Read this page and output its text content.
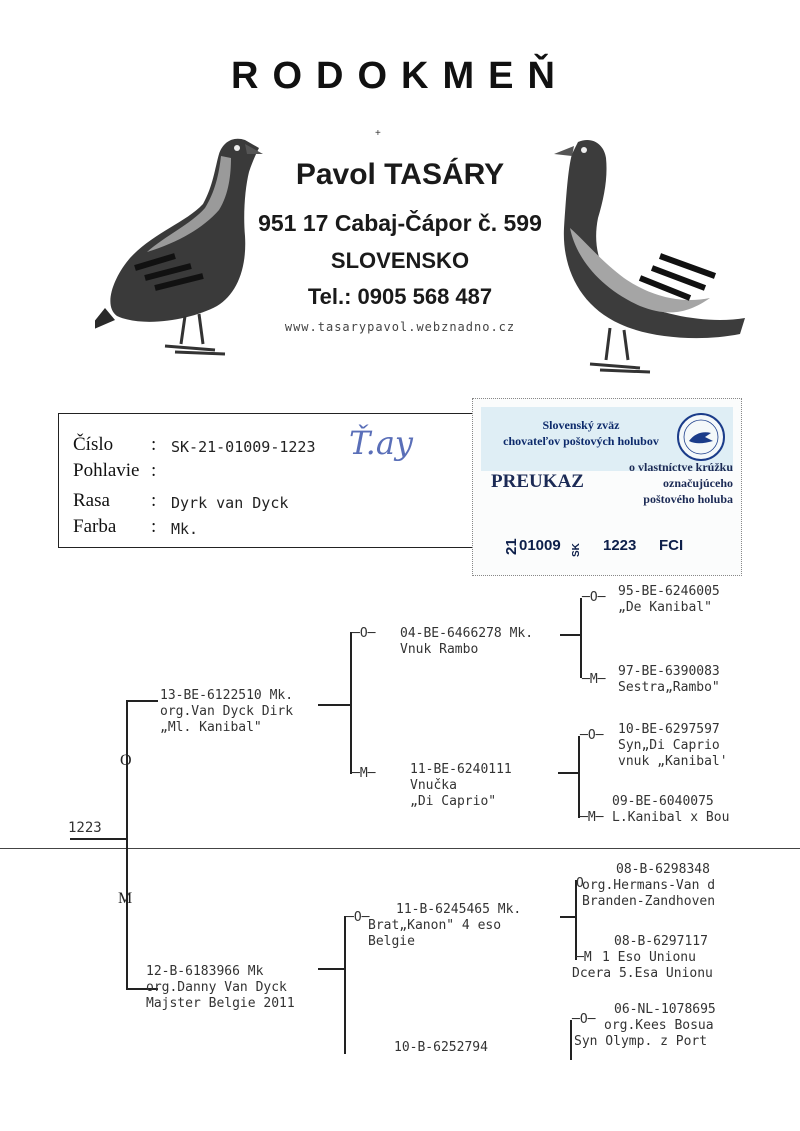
RODOKMEŇ
+
Pavol TASÁRY
951 17 Cabaj-Čápor č. 599
SLOVENSKO
Tel.: 0905 568 487
www.tasarypavol.webznadno.cz
Číslo : SK-21-01009-1223
Pohlavie :
Rasa : Dyrk van Dyck
Farba : Mk.
Ť.ay	Slovenský zväz
chovateľov poštových holubov
PREUKAZ
o vlastníctve krúžku
označujúceho
poštového holuba
21 01009 SK 1223 FCI
1223
O
M
13-BE-6122510 Mk.
org.Van Dyck Dirk
„Ml. Kanibal"
─O─ 04-BE-6466278 Mk.
Vnuk Rambo
─O─ 95-BE-6246005
„De Kanibal"
─M─
97-BE-6390083
Sestra„Rambo"
─M─	11-BE-6240111
Vnučka
„Di Caprio"
─O─ 10-BE-6297597
Syn„Di Caprio
vnuk „Kanibal'
─M─
09-BE-6040075
L.Kanibal x Bou
12-B-6183966 Mk
org.Danny Van Dyck
Majster Belgie 2011
─O─
11-B-6245465 Mk.
Brat„Kanon" 4 eso
Belgie
O
08-B-6298348
org.Hermans-Van d
Branden-Zandhoven
─M
08-B-6297117
1 Eso Unionu
Dcera 5.Esa Unionu
10-B-6252794
─O─
06-NL-1078695
org.Kees Bosua
Syn Olymp. z Port
